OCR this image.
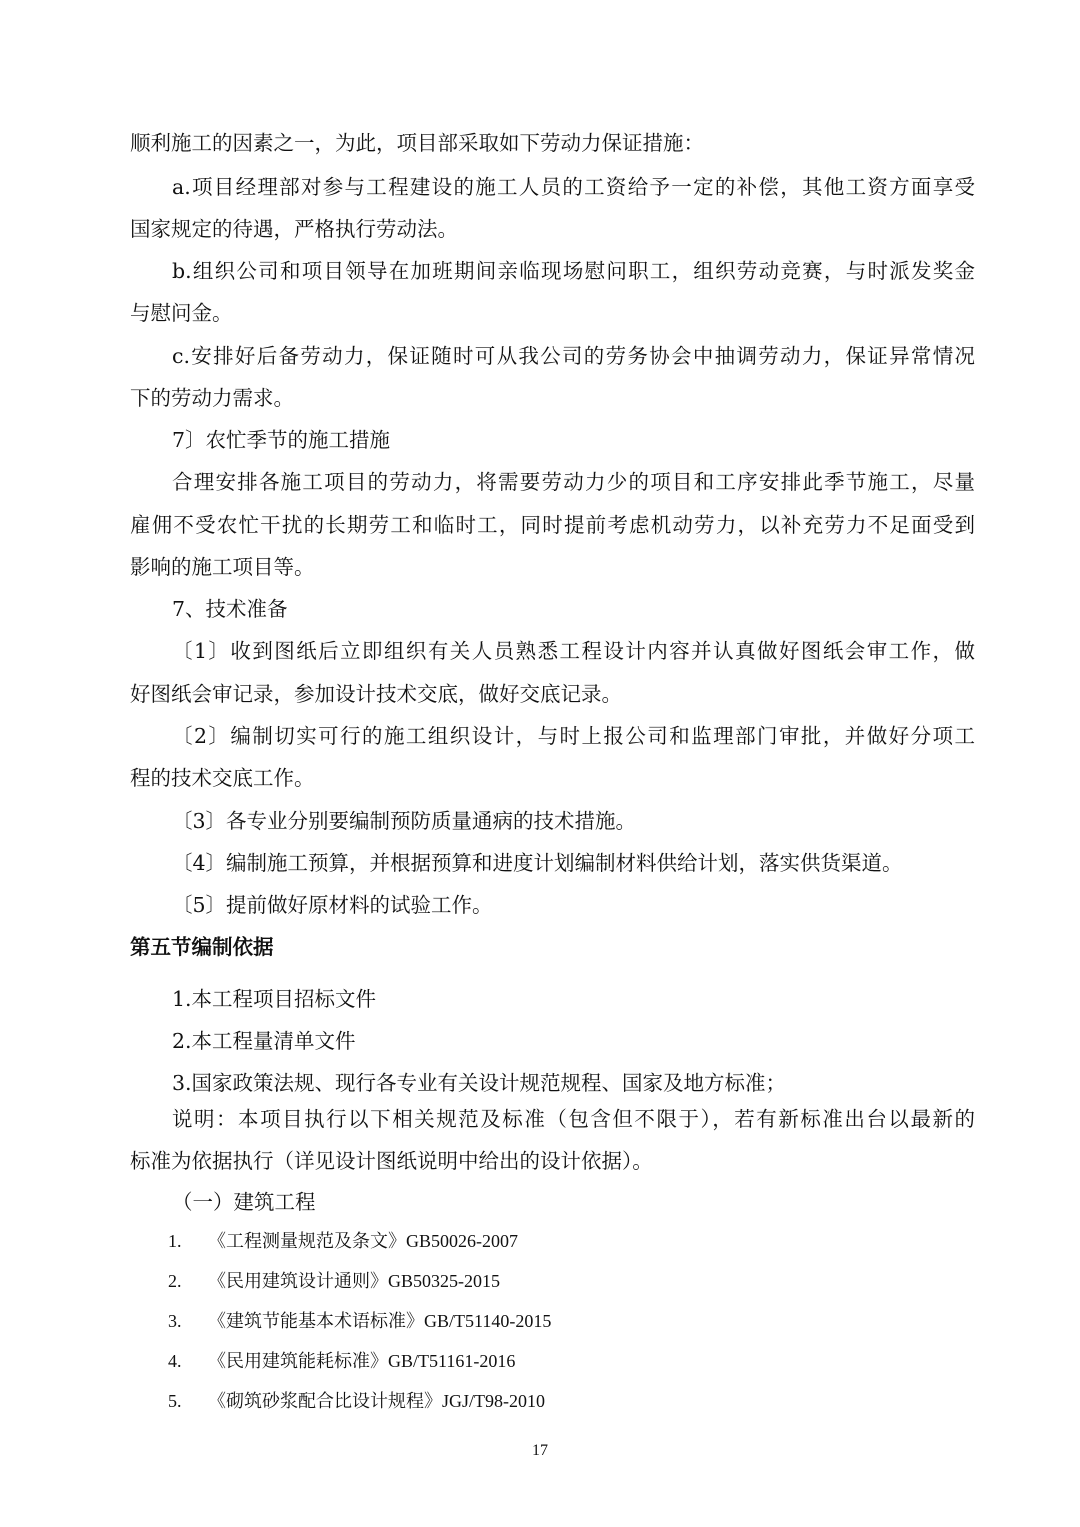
顺利施工的因素之一，为此，项目部采取如下劳动力保证措施：
a.项目经理部对参与工程建设的施工人员的工资给予一定的补偿，其他工资方面享受
国家规定的待遇，严格执行劳动法。
b.组织公司和项目领导在加班期间亲临现场慰问职工，组织劳动竞赛，与时派发奖金
与慰问金。
c.安排好后备劳动力，保证随时可从我公司的劳务协会中抽调劳动力，保证异常情况
下的劳动力需求。
7〕农忙季节的施工措施
合理安排各施工项目的劳动力，将需要劳动力少的项目和工序安排此季节施工，尽量
雇佣不受农忙干扰的长期劳工和临时工，同时提前考虑机动劳力，以补充劳力不足面受到
影响的施工项目等。
7、技术准备
〔1〕收到图纸后立即组织有关人员熟悉工程设计内容并认真做好图纸会审工作，做
好图纸会审记录，参加设计技术交底，做好交底记录。
〔2〕编制切实可行的施工组织设计，与时上报公司和监理部门审批，并做好分项工
程的技术交底工作。
〔3〕各专业分别要编制预防质量通病的技术措施。
〔4〕编制施工预算，并根据预算和进度计划编制材料供给计划，落实供货渠道。
〔5〕提前做好原材料的试验工作。
第五节编制依据
1.本工程项目招标文件
2.本工程量清单文件
3.国家政策法规、现行各专业有关设计规范规程、国家及地方标准；
说明：本项目执行以下相关规范及标准（包含但不限于），若有新标准出台以最新的
标准为依据执行（详见设计图纸说明中给出的设计依据）。
（一）建筑工程
1. 《工程测量规范及条文》GB50026-2007
2. 《民用建筑设计通则》GB50325-2015
3. 《建筑节能基本术语标准》GB/T51140-2015
4. 《民用建筑能耗标准》GB/T51161-2016
5. 《砌筑砂浆配合比设计规程》JGJ/T98-2010
17
